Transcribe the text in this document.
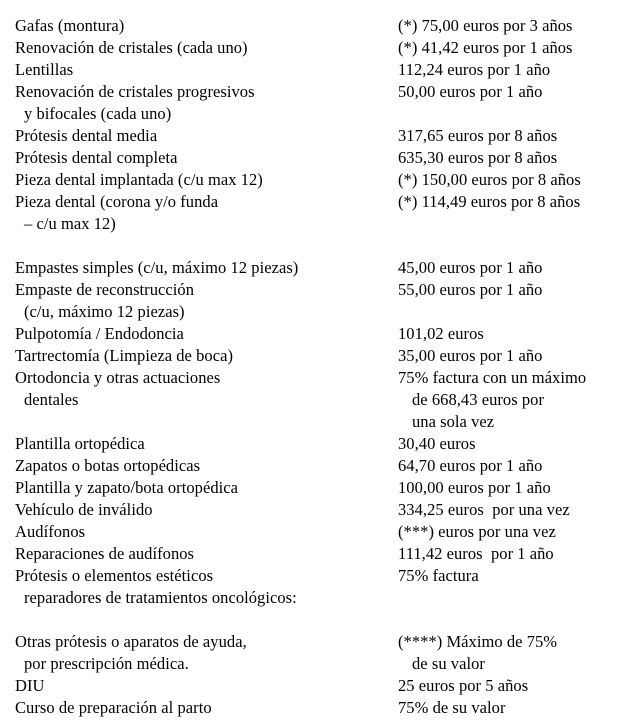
Gafas (montura)	(*) 75,00 euros por 3 años
Renovación de cristales (cada uno)	(*) 41,42 euros por 1 años
Lentillas	112,24 euros por 1 año
Renovación de cristales progresivos	50,00 euros por 1 año
y bifocales (cada uno)
Prótesis dental media	317,65 euros por 8 años
Prótesis dental completa	635,30 euros por 8 años
Pieza dental implantada (c/u max 12)	(*) 150,00 euros por 8 años
Pieza dental (corona y/o funda	(*) 114,49 euros por 8 años
– c/u max 12)
Empastes simples (c/u, máximo 12 piezas)	45,00 euros por 1 año
Empaste de reconstrucción	55,00 euros por 1 año
(c/u, máximo 12 piezas)
Pulpotomía / Endodoncia	101,02 euros
Tartrectomía (Limpieza de boca)	35,00 euros por 1 año
Ortodoncia y otras actuaciones	75% factura con un máximo
dentales	de 668,43 euros por
una sola vez
Plantilla ortopédica	30,40 euros
Zapatos o botas ortopédicas	64,70 euros por 1 año
Plantilla y zapato/bota ortopédica	100,00 euros por 1 año
Vehículo de inválido	334,25 euros  por una vez
Audífonos	(***) euros por una vez
Reparaciones de audífonos	111,42 euros  por 1 año
Prótesis o elementos estéticos	75% factura
reparadores de tratamientos oncológicos:
Otras prótesis o aparatos de ayuda,	(****) Máximo de 75%
por prescripción médica.	de su valor
DIU	25 euros por 5 años
Curso de preparación al parto	75% de su valor
